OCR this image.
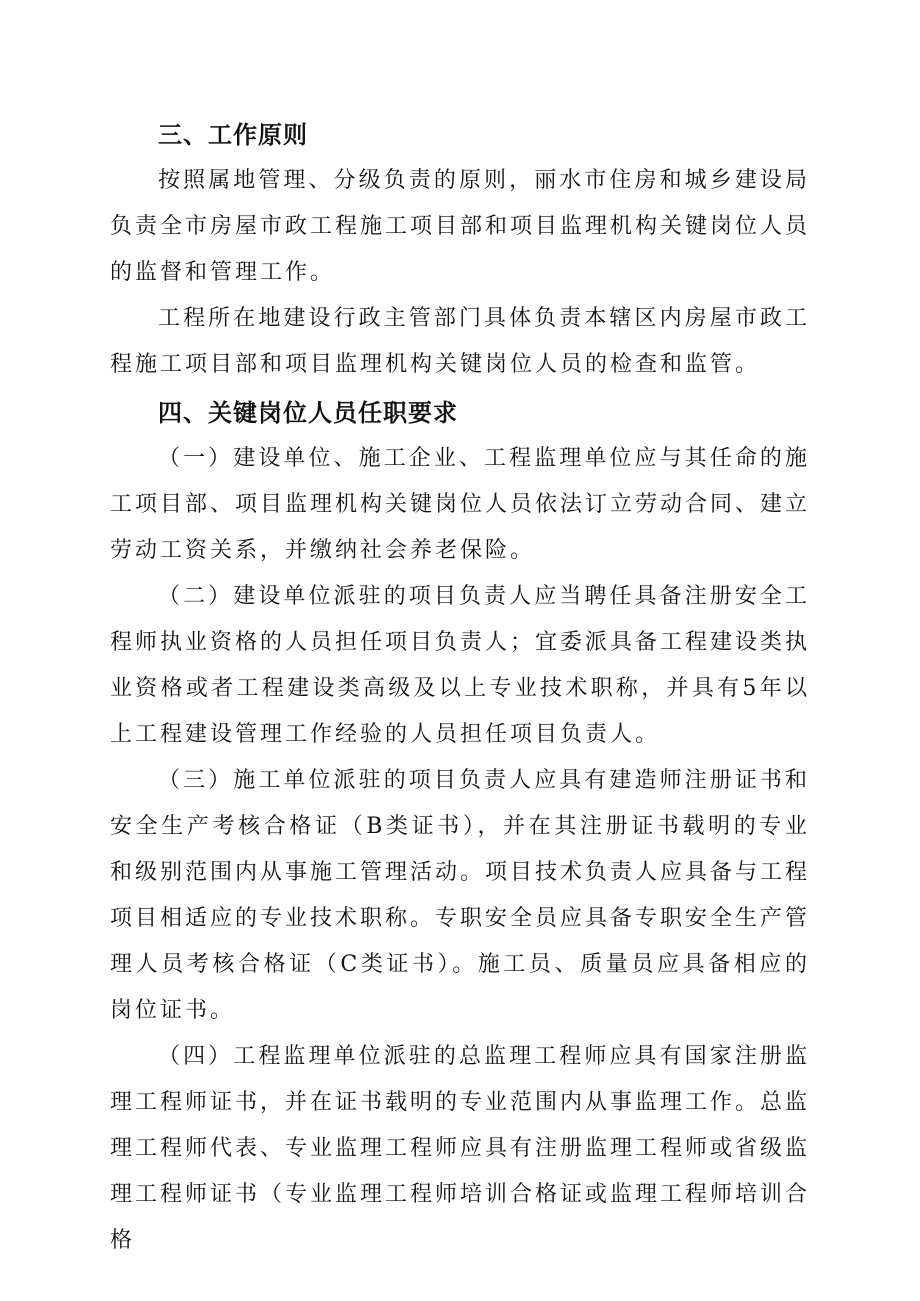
三、工作原则

按照属地管理、分级负责的原则，丽水市住房和城乡建设局负责全市房屋市政工程施工项目部和项目监理机构关键岗位人员的监督和管理工作。

工程所在地建设行政主管部门具体负责本辖区内房屋市政工程施工项目部和项目监理机构关键岗位人员的检查和监管。

四、关键岗位人员任职要求

（一）建设单位、施工企业、工程监理单位应与其任命的施工项目部、项目监理机构关键岗位人员依法订立劳动合同、建立劳动工资关系，并缴纳社会养老保险。

（二）建设单位派驻的项目负责人应当聘任具备注册安全工程师执业资格的人员担任项目负责人；宜委派具备工程建设类执业资格或者工程建设类高级及以上专业技术职称，并具有5年以上工程建设管理工作经验的人员担任项目负责人。

（三）施工单位派驻的项目负责人应具有建造师注册证书和安全生产考核合格证（B类证书），并在其注册证书载明的专业和级别范围内从事施工管理活动。项目技术负责人应具备与工程项目相适应的专业技术职称。专职安全员应具备专职安全生产管理人员考核合格证（C类证书）。施工员、质量员应具备相应的岗位证书。

（四）工程监理单位派驻的总监理工程师应具有国家注册监理工程师证书，并在证书载明的专业范围内从事监理工作。总监理工程师代表、专业监理工程师应具有注册监理工程师或省级监理工程师证书（专业监理工程师培训合格证或监理工程师培训合格
